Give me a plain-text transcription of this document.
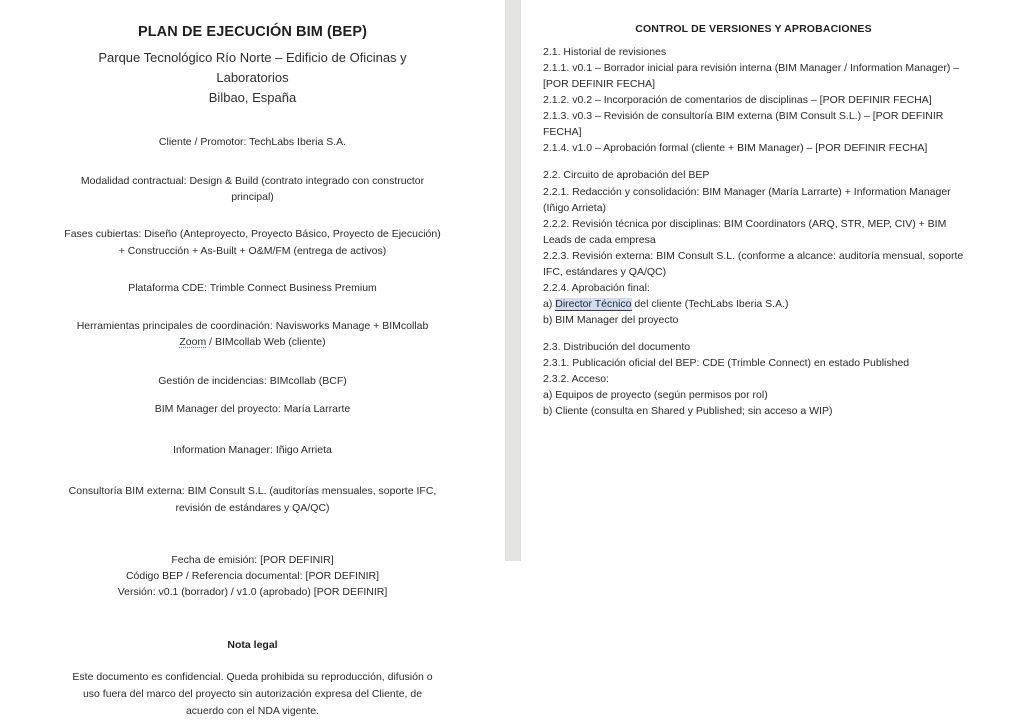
PLAN DE EJECUCIÓN BIM (BEP)

Parque Tecnológico Río Norte – Edificio de Oficinas y Laboratorios

Bilbao, España

Cliente / Promotor: TechLabs Iberia S.A.

Modalidad contractual: Design & Build (contrato integrado con constructor principal)

Fases cubiertas: Diseño (Anteproyecto, Proyecto Básico, Proyecto de Ejecución) + Construcción + As-Built + O&M/FM (entrega de activos)

Plataforma CDE: Trimble Connect Business Premium

Herramientas principales de coordinación: Navisworks Manage + BIMcollab Zoom / BIMcollab Web (cliente)

Gestión de incidencias: BIMcollab (BCF)

BIM Manager del proyecto: María Larrarte

Information Manager: Iñigo Arrieta

Consultoría BIM externa: BIM Consult S.L. (auditorías mensuales, soporte IFC, revisión de estándares y QA/QC)

Fecha de emisión: [POR DEFINIR]

Código BEP / Referencia documental: [POR DEFINIR]

Versión: v0.1 (borrador) / v1.0 (aprobado) [POR DEFINIR]

Nota legal

Este documento es confidencial. Queda prohibida su reproducción, difusión o uso fuera del marco del proyecto sin autorización expresa del Cliente, de acuerdo con el NDA vigente.

CONTROL DE VERSIONES Y APROBACIONES

2.1. Historial de revisiones

2.1.1. v0.1 – Borrador inicial para revisión interna (BIM Manager / Information Manager) – [POR DEFINIR FECHA]

2.1.2. v0.2 – Incorporación de comentarios de disciplinas – [POR DEFINIR FECHA]

2.1.3. v0.3 – Revisión de consultoría BIM externa (BIM Consult S.L.) – [POR DEFINIR FECHA]

2.1.4. v1.0 – Aprobación formal (cliente + BIM Manager) – [POR DEFINIR FECHA]

2.2. Circuito de aprobación del BEP

2.2.1. Redacción y consolidación: BIM Manager (María Larrarte) + Information Manager (Iñigo Arrieta)

2.2.2. Revisión técnica por disciplinas: BIM Coordinators (ARQ, STR, MEP, CIV) + BIM Leads de cada empresa

2.2.3. Revisión externa: BIM Consult S.L. (conforme a alcance: auditoría mensual, soporte IFC, estándares y QA/QC)

2.2.4. Aprobación final:

a) Director Técnico del cliente (TechLabs Iberia S.A.)

b) BIM Manager del proyecto

2.3. Distribución del documento

2.3.1. Publicación oficial del BEP: CDE (Trimble Connect) en estado Published

2.3.2. Acceso:

a) Equipos de proyecto (según permisos por rol)

b) Cliente (consulta en Shared y Published; sin acceso a WIP)
